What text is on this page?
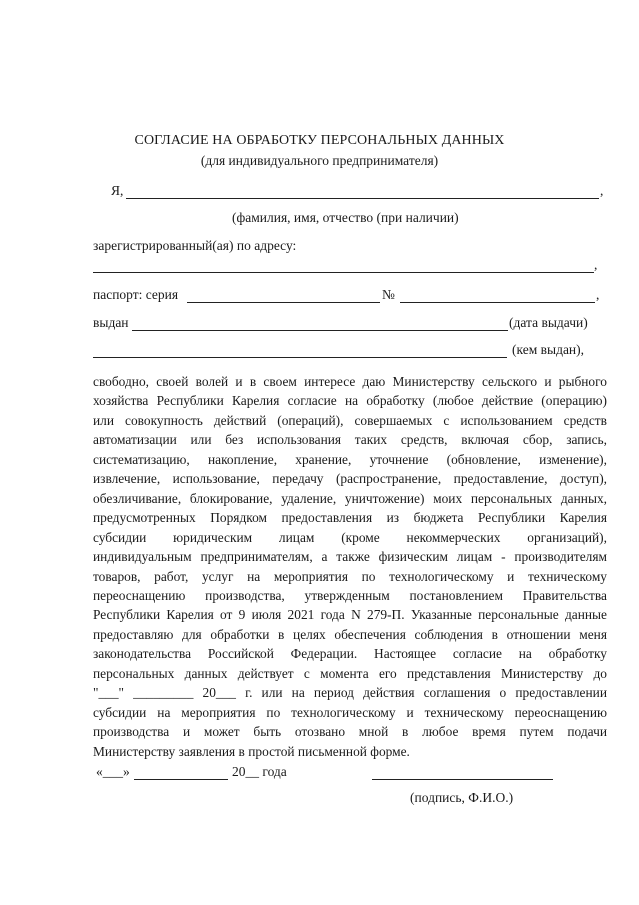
СОГЛАСИЕ НА ОБРАБОТКУ ПЕРСОНАЛЬНЫХ ДАННЫХ
(для индивидуального предпринимателя)
Я,	,
(фамилия, имя, отчество (при наличии)
зарегистрированный(ая) по адресу:
,
паспорт: серия	№	,
выдан	(дата выдачи)
(кем выдан),
свободно, своей волей и в своем интересе даю Министерству сельского и рыбного
хозяйства Республики Карелия согласие на обработку (любое действие (операцию)
или совокупность действий (операций), совершаемых с использованием средств
автоматизации или без использования таких средств, включая сбор, запись,
систематизацию, накопление, хранение, уточнение (обновление, изменение),
извлечение, использование, передачу (распространение, предоставление, доступ),
обезличивание, блокирование, удаление, уничтожение) моих персональных данных,
предусмотренных Порядком предоставления из бюджета Республики Карелия
субсидии юридическим лицам (кроме некоммерческих организаций),
индивидуальным предпринимателям, а также физическим лицам - производителям
товаров, работ, услуг на мероприятия по технологическому и техническому
переоснащению производства, утвержденным постановлением Правительства
Республики Карелия от 9 июля 2021 года N 279-П. Указанные персональные данные
предоставляю для обработки в целях обеспечения соблюдения в отношении меня
законодательства Российской Федерации. Настоящее согласие на обработку
персональных данных действует с момента его представления Министерству до
"___" _________ 20___ г. или на период действия соглашения о предоставлении
субсидии на мероприятия по технологическому и техническому переоснащению
производства и может быть отозвано мной в любое время путем подачи
Министерству заявления в простой письменной форме.
«___»	20__ года
(подпись, Ф.И.О.)
